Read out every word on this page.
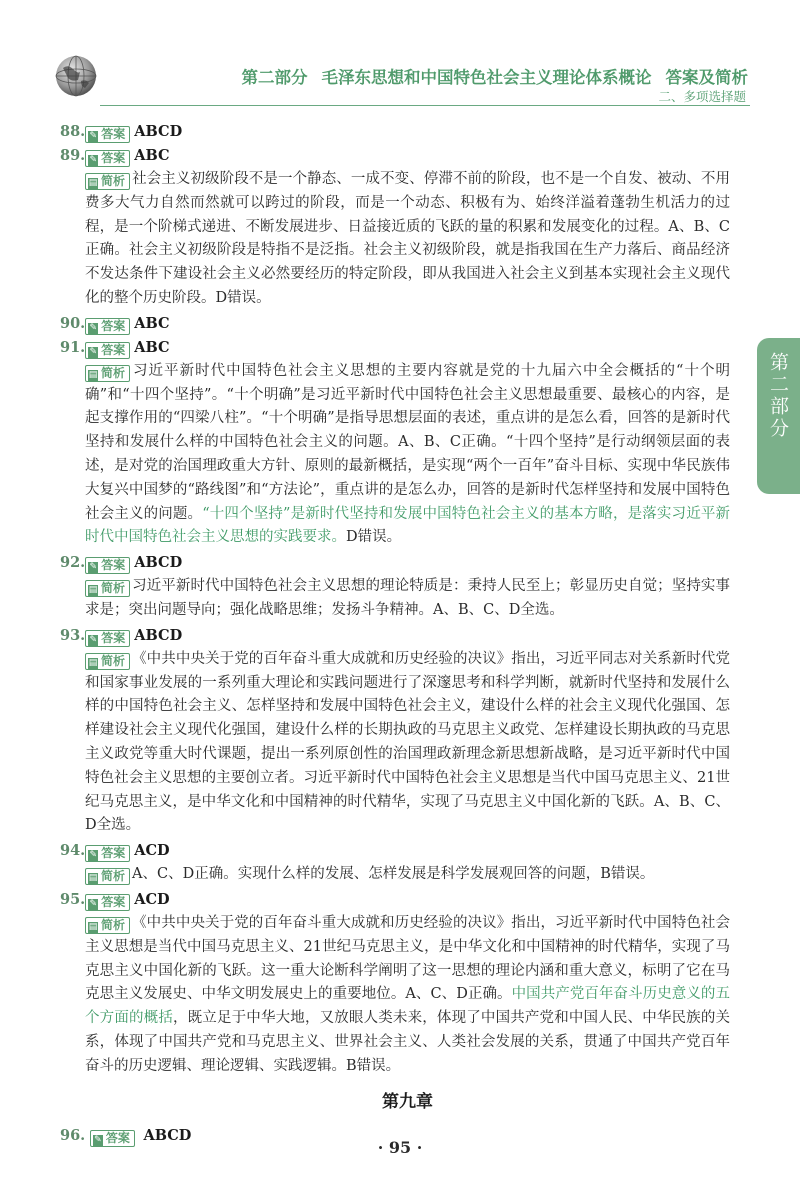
第二部分 毛泽东思想和中国特色社会主义理论体系概论 答案及简析
二、多项选择题
第二部分
88. ✎ 答案 ABCD
89. ✎ 答案 ABC
▤ 简析 社会主义初级阶段不是一个静态、一成不变、停滞不前的阶段，也不是一个自发、被动、不用费多大气力自然而然就可以跨过的阶段，而是一个动态、积极有为、始终洋溢着蓬勃生机活力的过程，是一个阶梯式递进、不断发展进步、日益接近质的飞跃的量的积累和发展变化的过程。A、B、C正确。社会主义初级阶段是特指不是泛指。社会主义初级阶段，就是指我国在生产力落后、商品经济不发达条件下建设社会主义必然要经历的特定阶段，即从我国进入社会主义到基本实现社会主义现代化的整个历史阶段。D错误。
90. ✎ 答案 ABC
91. ✎ 答案 ABC
▤ 简析 习近平新时代中国特色社会主义思想的主要内容就是党的十九届六中全会概括的“十个明确”和“十四个坚持”。“十个明确”是习近平新时代中国特色社会主义思想最重要、最核心的内容，是起支撑作用的“四梁八柱”。“十个明确”是指导思想层面的表述，重点讲的是怎么看，回答的是新时代坚持和发展什么样的中国特色社会主义的问题。A、B、C正确。“十四个坚持”是行动纲领层面的表述，是对党的治国理政重大方针、原则的最新概括，是实现“两个一百年”奋斗目标、实现中华民族伟大复兴中国梦的“路线图”和“方法论”，重点讲的是怎么办，回答的是新时代怎样坚持和发展中国特色社会主义的问题。“十四个坚持”是新时代坚持和发展中国特色社会主义的基本方略，是落实习近平新时代中国特色社会主义思想的实践要求。D错误。
92. ✎ 答案 ABCD
▤ 简析 习近平新时代中国特色社会主义思想的理论特质是：秉持人民至上；彰显历史自觉；坚持实事求是；突出问题导向；强化战略思维；发扬斗争精神。A、B、C、D全选。
93. ✎ 答案 ABCD
▤ 简析 《中共中央关于党的百年奋斗重大成就和历史经验的决议》指出，习近平同志对关系新时代党和国家事业发展的一系列重大理论和实践问题进行了深邃思考和科学判断，就新时代坚持和发展什么样的中国特色社会主义、怎样坚持和发展中国特色社会主义，建设什么样的社会主义现代化强国、怎样建设社会主义现代化强国，建设什么样的长期执政的马克思主义政党、怎样建设长期执政的马克思主义政党等重大时代课题，提出一系列原创性的治国理政新理念新思想新战略，是习近平新时代中国特色社会主义思想的主要创立者。习近平新时代中国特色社会主义思想是当代中国马克思主义、21世纪马克思主义，是中华文化和中国精神的时代精华，实现了马克思主义中国化新的飞跃。A、B、C、D全选。
94. ✎ 答案 ACD
▤ 简析 A、C、D正确。实现什么样的发展、怎样发展是科学发展观回答的问题，B错误。
95. ✎ 答案 ACD
▤ 简析 《中共中央关于党的百年奋斗重大成就和历史经验的决议》指出，习近平新时代中国特色社会主义思想是当代中国马克思主义、21世纪马克思主义，是中华文化和中国精神的时代精华，实现了马克思主义中国化新的飞跃。这一重大论断科学阐明了这一思想的理论内涵和重大意义，标明了它在马克思主义发展史、中华文明发展史上的重要地位。A、C、D正确。中国共产党百年奋斗历史意义的五个方面的概括，既立足于中华大地，又放眼人类未来，体现了中国共产党和中国人民、中华民族的关系，体现了中国共产党和马克思主义、世界社会主义、人类社会发展的关系，贯通了中国共产党百年奋斗的历史逻辑、理论逻辑、实践逻辑。B错误。
第九章
96. ✎ 答案 ABCD
· 95 ·
